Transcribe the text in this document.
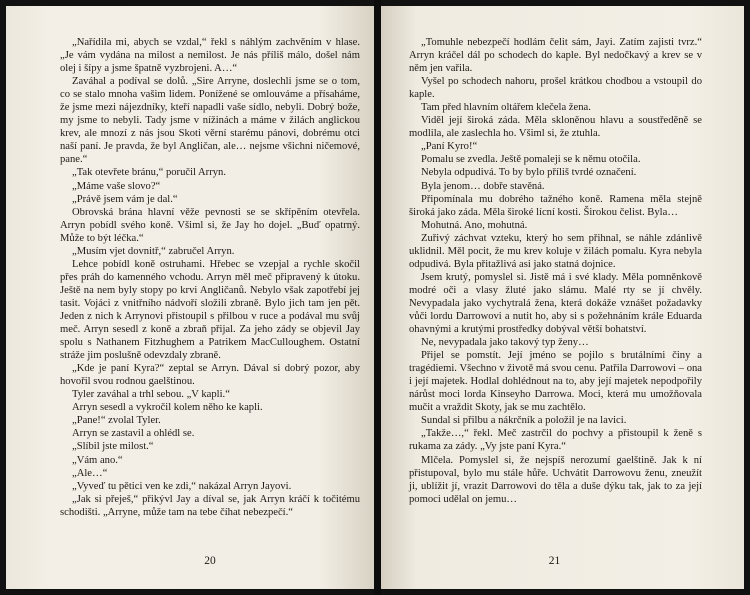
„Nařídila mi, abych se vzdal,“ řekl s náhlým zachvěním v hlase. „Je vám vydána na milost a nemilost. Je nás příliš málo, došel nám olej i šípy a jsme špatně vyzbrojeni. A…“

Zaváhal a podíval se dolů. „Sire Arryne, doslechli jsme se o tom, co se stalo mnoha vašim lidem. Ponížené se omlouváme a přísaháme, že jsme mezi nájezdníky, kteří napadli vaše sídlo, nebyli. Dobrý bože, my jsme to nebyli. Tady jsme v nížinách a máme v žilách anglickou krev, ale mnozí z nás jsou Skoti věrní starému pánovi, dobrému otci naší paní. Je pravda, že byl Angličan, ale… nejsme všichni ničemové, pane.“

„Tak otevřete bránu,“ poručil Arryn.

„Máme vaše slovo?“

„Právě jsem vám je dal.“

Obrovská brána hlavní věže pevnosti se se skřípěním otevřela. Arryn pobídl svého koně. Všiml si, že Jay ho dojel. „Buď opatrný. Může to být léčka.“

„Musím vjet dovnitř,“ zabručel Arryn.

Lehce pobídl koně ostruhami. Hřebec se vzepjal a rychle skočil přes práh do kamenného vchodu. Arryn měl meč připravený k útoku. Ještě na nem byly stopy po krvi Angličanů. Nebylo však zapotřebí jej tasit. Vojáci z vnitřního nádvoří složili zbraně. Bylo jich tam jen pět. Jeden z nich k Arrynovi přistoupil s přilbou v ruce a podával mu svůj meč. Arryn sesedl z koně a zbraň přijal. Za jeho zády se objevil Jay spolu s Nathanem Fitzhughem a Patrikem MacCulloughem. Ostatní stráže jim poslušně odevzdaly zbraně.

„Kde je paní Kyra?“ zeptal se Arryn. Dával si dobrý pozor, aby hovořil svou rodnou gaelštinou.

Tyler zaváhal a trhl sebou. „V kapli.“

Arryn sesedl a vykročil kolem něho ke kapli.

„Pane!“ zvolal Tyler.

Arryn se zastavil a ohlédl se.

„Slíbil jste milost.“

„Vám ano.“

„Ale…“

„Vyveď tu pětici ven ke zdi,“ nakázal Arryn Jayovi.

„Jak si přeješ,“ přikývl Jay a díval se, jak Arryn kráčí k točitému schodišti. „Arryne, může tam na tebe číhat nebezpečí.“

20

„Tomuhle nebezpečí hodlám čelit sám, Jayi. Zatím zajisti tvrz.“ Arryn kráčel dál po schodech do kaple. Byl nedočkavý a krev se v něm jen vařila.

Vyšel po schodech nahoru, prošel krátkou chodbou a vstoupil do kaple.

Tam před hlavním oltářem klečela žena.

Viděl její široká záda. Měla skloněnou hlavu a soustředěně se modlila, ale zaslechla ho. Všiml si, že ztuhla.

„Paní Kyro!“

Pomalu se zvedla. Ještě pomaleji se k němu otočila.

Nebyla odpudivá. To by bylo příliš tvrdé označení.

Byla jenom… dobře stavěná.

Připomínala mu dobrého tažného koně. Ramena měla stejně široká jako záda. Měla široké lícní kosti. Širokou čelist. Byla…

Mohutná. Ano, mohutná.

Zuřivý záchvat vzteku, který ho sem přihnal, se náhle zdánlivě uklidnil. Měl pocit, že mu krev koluje v žilách pomalu. Kyra nebyla odpudivá. Byla přitažlivá asi jako statná dojnice.

Jsem krutý, pomyslel si. Jistě má i své klady. Měla pomněnkově modré oči a vlasy žluté jako slámu. Malé rty se jí chvěly. Nevypadala jako vychytralá žena, která dokáže vznášet požadavky vůči lordu Darrowovi a nutit ho, aby si s požehnáním krále Eduarda ohavnými a krutými prostředky dobýval větší bohatství.

Ne, nevypadala jako takový typ ženy…

Přijel se pomstít. Její jméno se pojilo s brutálními činy a tragédiemi. Všechno v životě má svou cenu. Patřila Darrowovi – ona i její majetek. Hodlal dohlédnout na to, aby její majetek nepodpořily nárůst moci lorda Kinseyho Darrowa. Moci, která mu umožňovala mučit a vraždit Skoty, jak se mu zachtělo.

Sundal si přilbu a nákrčník a položil je na lavici.

„Takže…,“ řekl. Meč zastrčil do pochvy a přistoupil k ženě s rukama za zády. „Vy jste paní Kyra.“

Mlčela. Pomyslel si, že nejspíš nerozumí gaelštině. Jak k ní přistupoval, bylo mu stále hůře. Uchvátit Darrowovu ženu, zneužít ji, ublížit jí, vrazit Darrowovi do těla a duše dýku tak, jak to za její pomoci udělal on jemu…

21
